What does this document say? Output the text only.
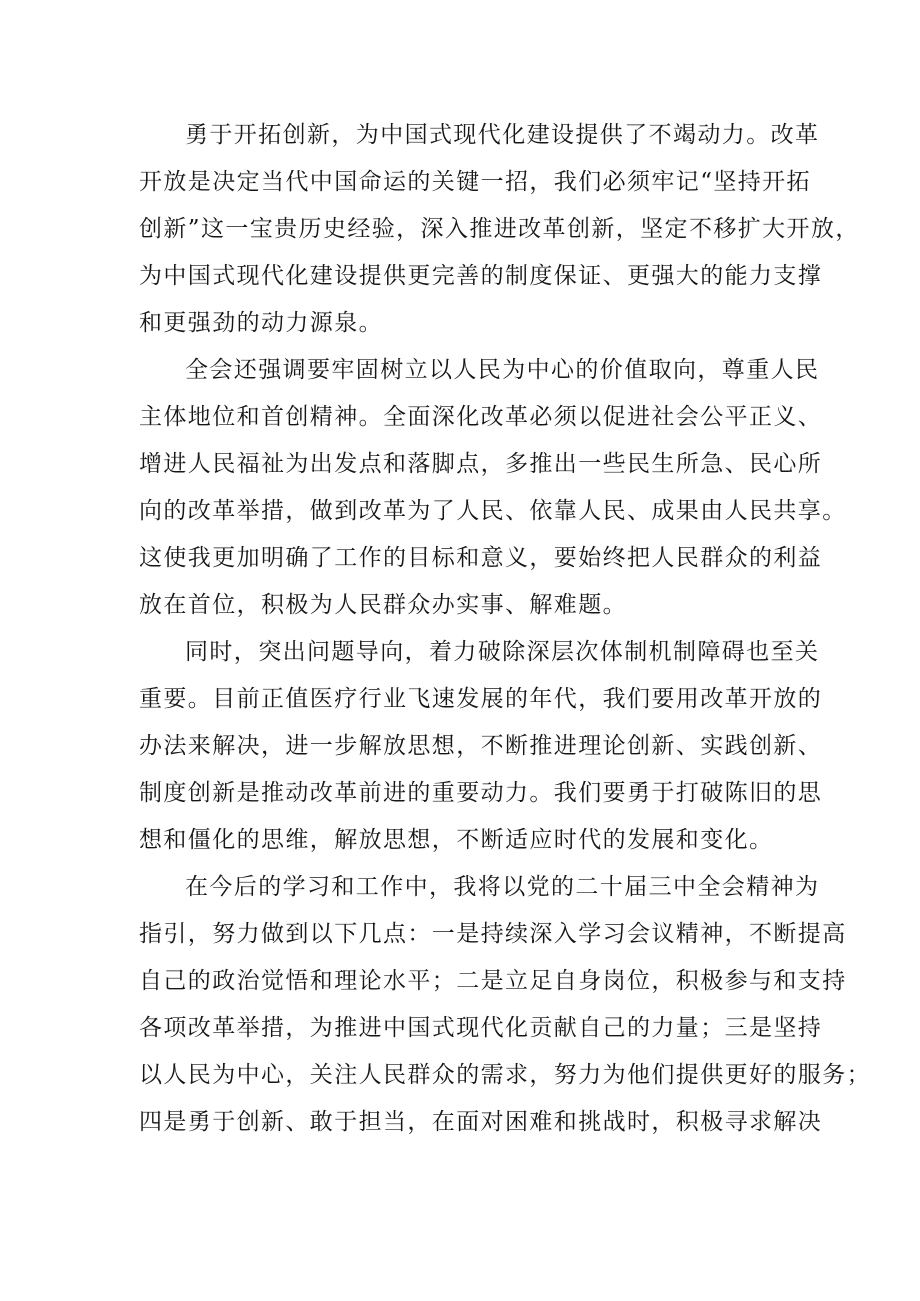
勇于开拓创新，为中国式现代化建设提供了不竭动力。改革
开放是决定当代中国命运的关键一招，我们必须牢记“坚持开拓
创新”这一宝贵历史经验，深入推进改革创新，坚定不移扩大开放，
为中国式现代化建设提供更完善的制度保证、更强大的能力支撑
和更强劲的动力源泉。
全会还强调要牢固树立以人民为中心的价值取向，尊重人民
主体地位和首创精神。全面深化改革必须以促进社会公平正义、
增进人民福祉为出发点和落脚点，多推出一些民生所急、民心所
向的改革举措，做到改革为了人民、依靠人民、成果由人民共享。
这使我更加明确了工作的目标和意义，要始终把人民群众的利益
放在首位，积极为人民群众办实事、解难题。
同时，突出问题导向，着力破除深层次体制机制障碍也至关
重要。目前正值医疗行业飞速发展的年代，我们要用改革开放的
办法来解决，进一步解放思想，不断推进理论创新、实践创新、
制度创新是推动改革前进的重要动力。我们要勇于打破陈旧的思
想和僵化的思维，解放思想，不断适应时代的发展和变化。
在今后的学习和工作中，我将以党的二十届三中全会精神为
指引，努力做到以下几点：一是持续深入学习会议精神，不断提高
自己的政治觉悟和理论水平；二是立足自身岗位，积极参与和支持
各项改革举措，为推进中国式现代化贡献自己的力量；三是坚持
以人民为中心，关注人民群众的需求，努力为他们提供更好的服务；
四是勇于创新、敢于担当，在面对困难和挑战时，积极寻求解决
